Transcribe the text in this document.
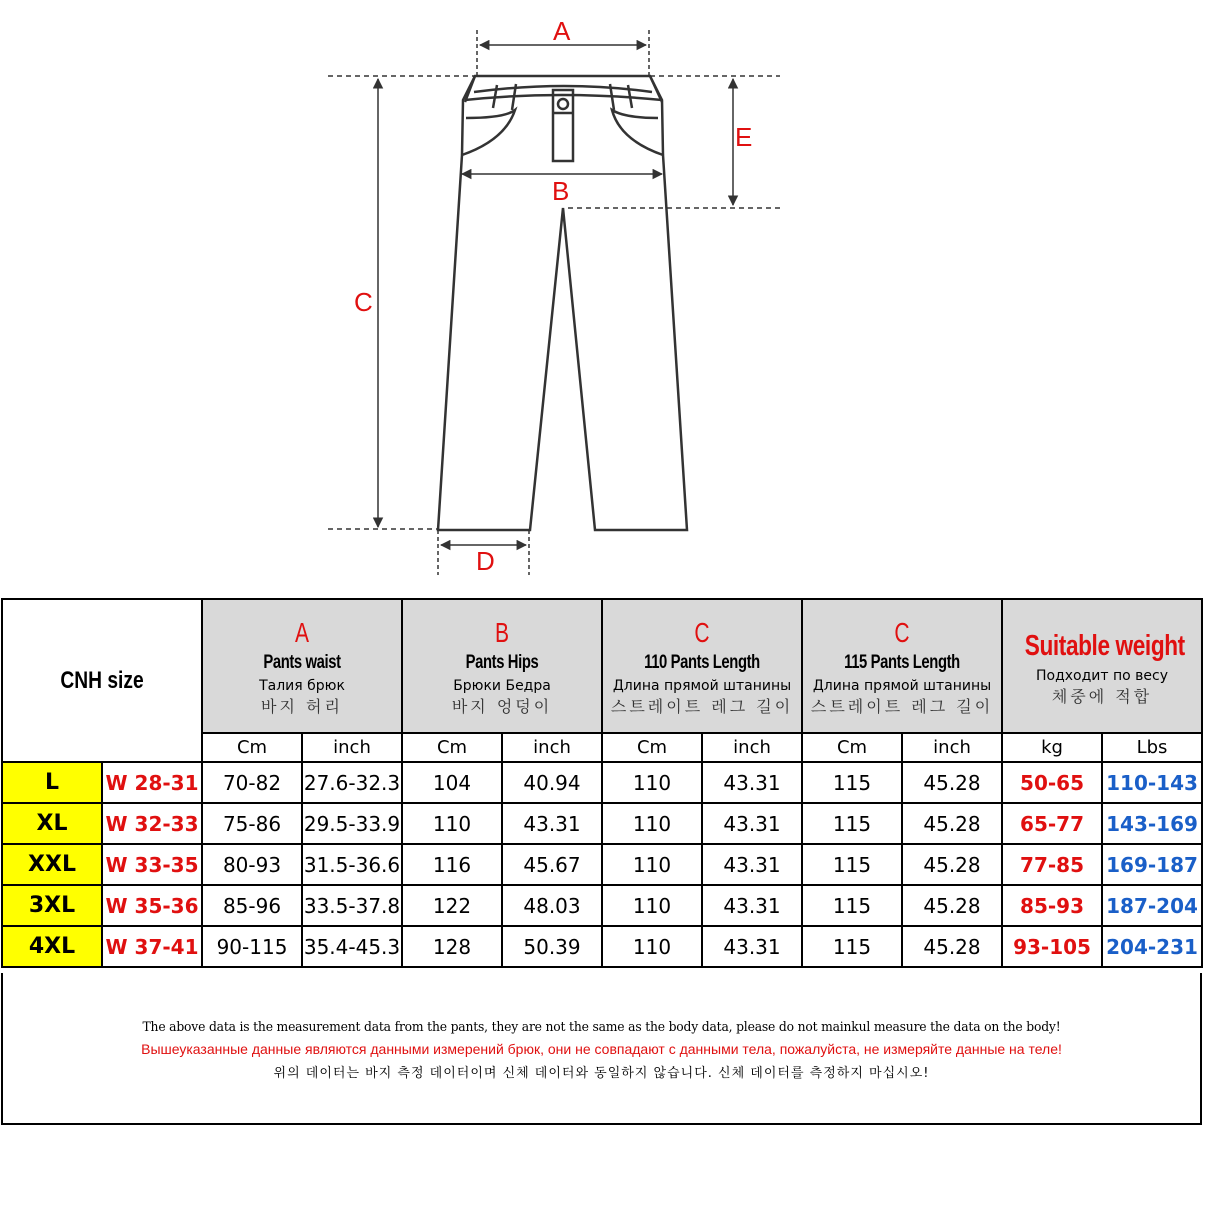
A
B
C
D
E
CNH size		A
Pants waist
Талия брюк
바지 허리		B
Pants Hips
Брюки Бедра
바지 엉덩이		C
110 Pants Length
Длина прямой штанины
스트레이트 레그 길이		C
115 Pants Length
Длина прямой штанины
스트레이트 레그 길이		Suitable weight
Подходит по весу
체중에 적합	

		Cm	inch	Cm	inch	Cm	inch	Cm	inch	kg	Lbs
L	W 28-31	70-82	27.6-32.3	104	40.94	110	43.31	115	45.28	50-65	110-143
XL	W 32-33	75-86	29.5-33.9	110	43.31	110	43.31	115	45.28	65-77	143-169
XXL	W 33-35	80-93	31.5-36.6	116	45.67	110	43.31	115	45.28	77-85	169-187
3XL	W 35-36	85-96	33.5-37.8	122	48.03	110	43.31	115	45.28	85-93	187-204
4XL	W 37-41	90-115	35.4-45.3	128	50.39	110	43.31	115	45.28	93-105	204-231
The above data is the measurement data from the pants, they are not the same as the body data, please do not mainkul measure the data on the body!
Вышеуказанные данные являются данными измерений брюк, они не совпадают с данными тела, пожалуйста, не измеряйте данные на теле!
위의 데이터는 바지 측정 데이터이며 신체 데이터와 동일하지 않습니다. 신체 데이터를 측정하지 마십시오!
